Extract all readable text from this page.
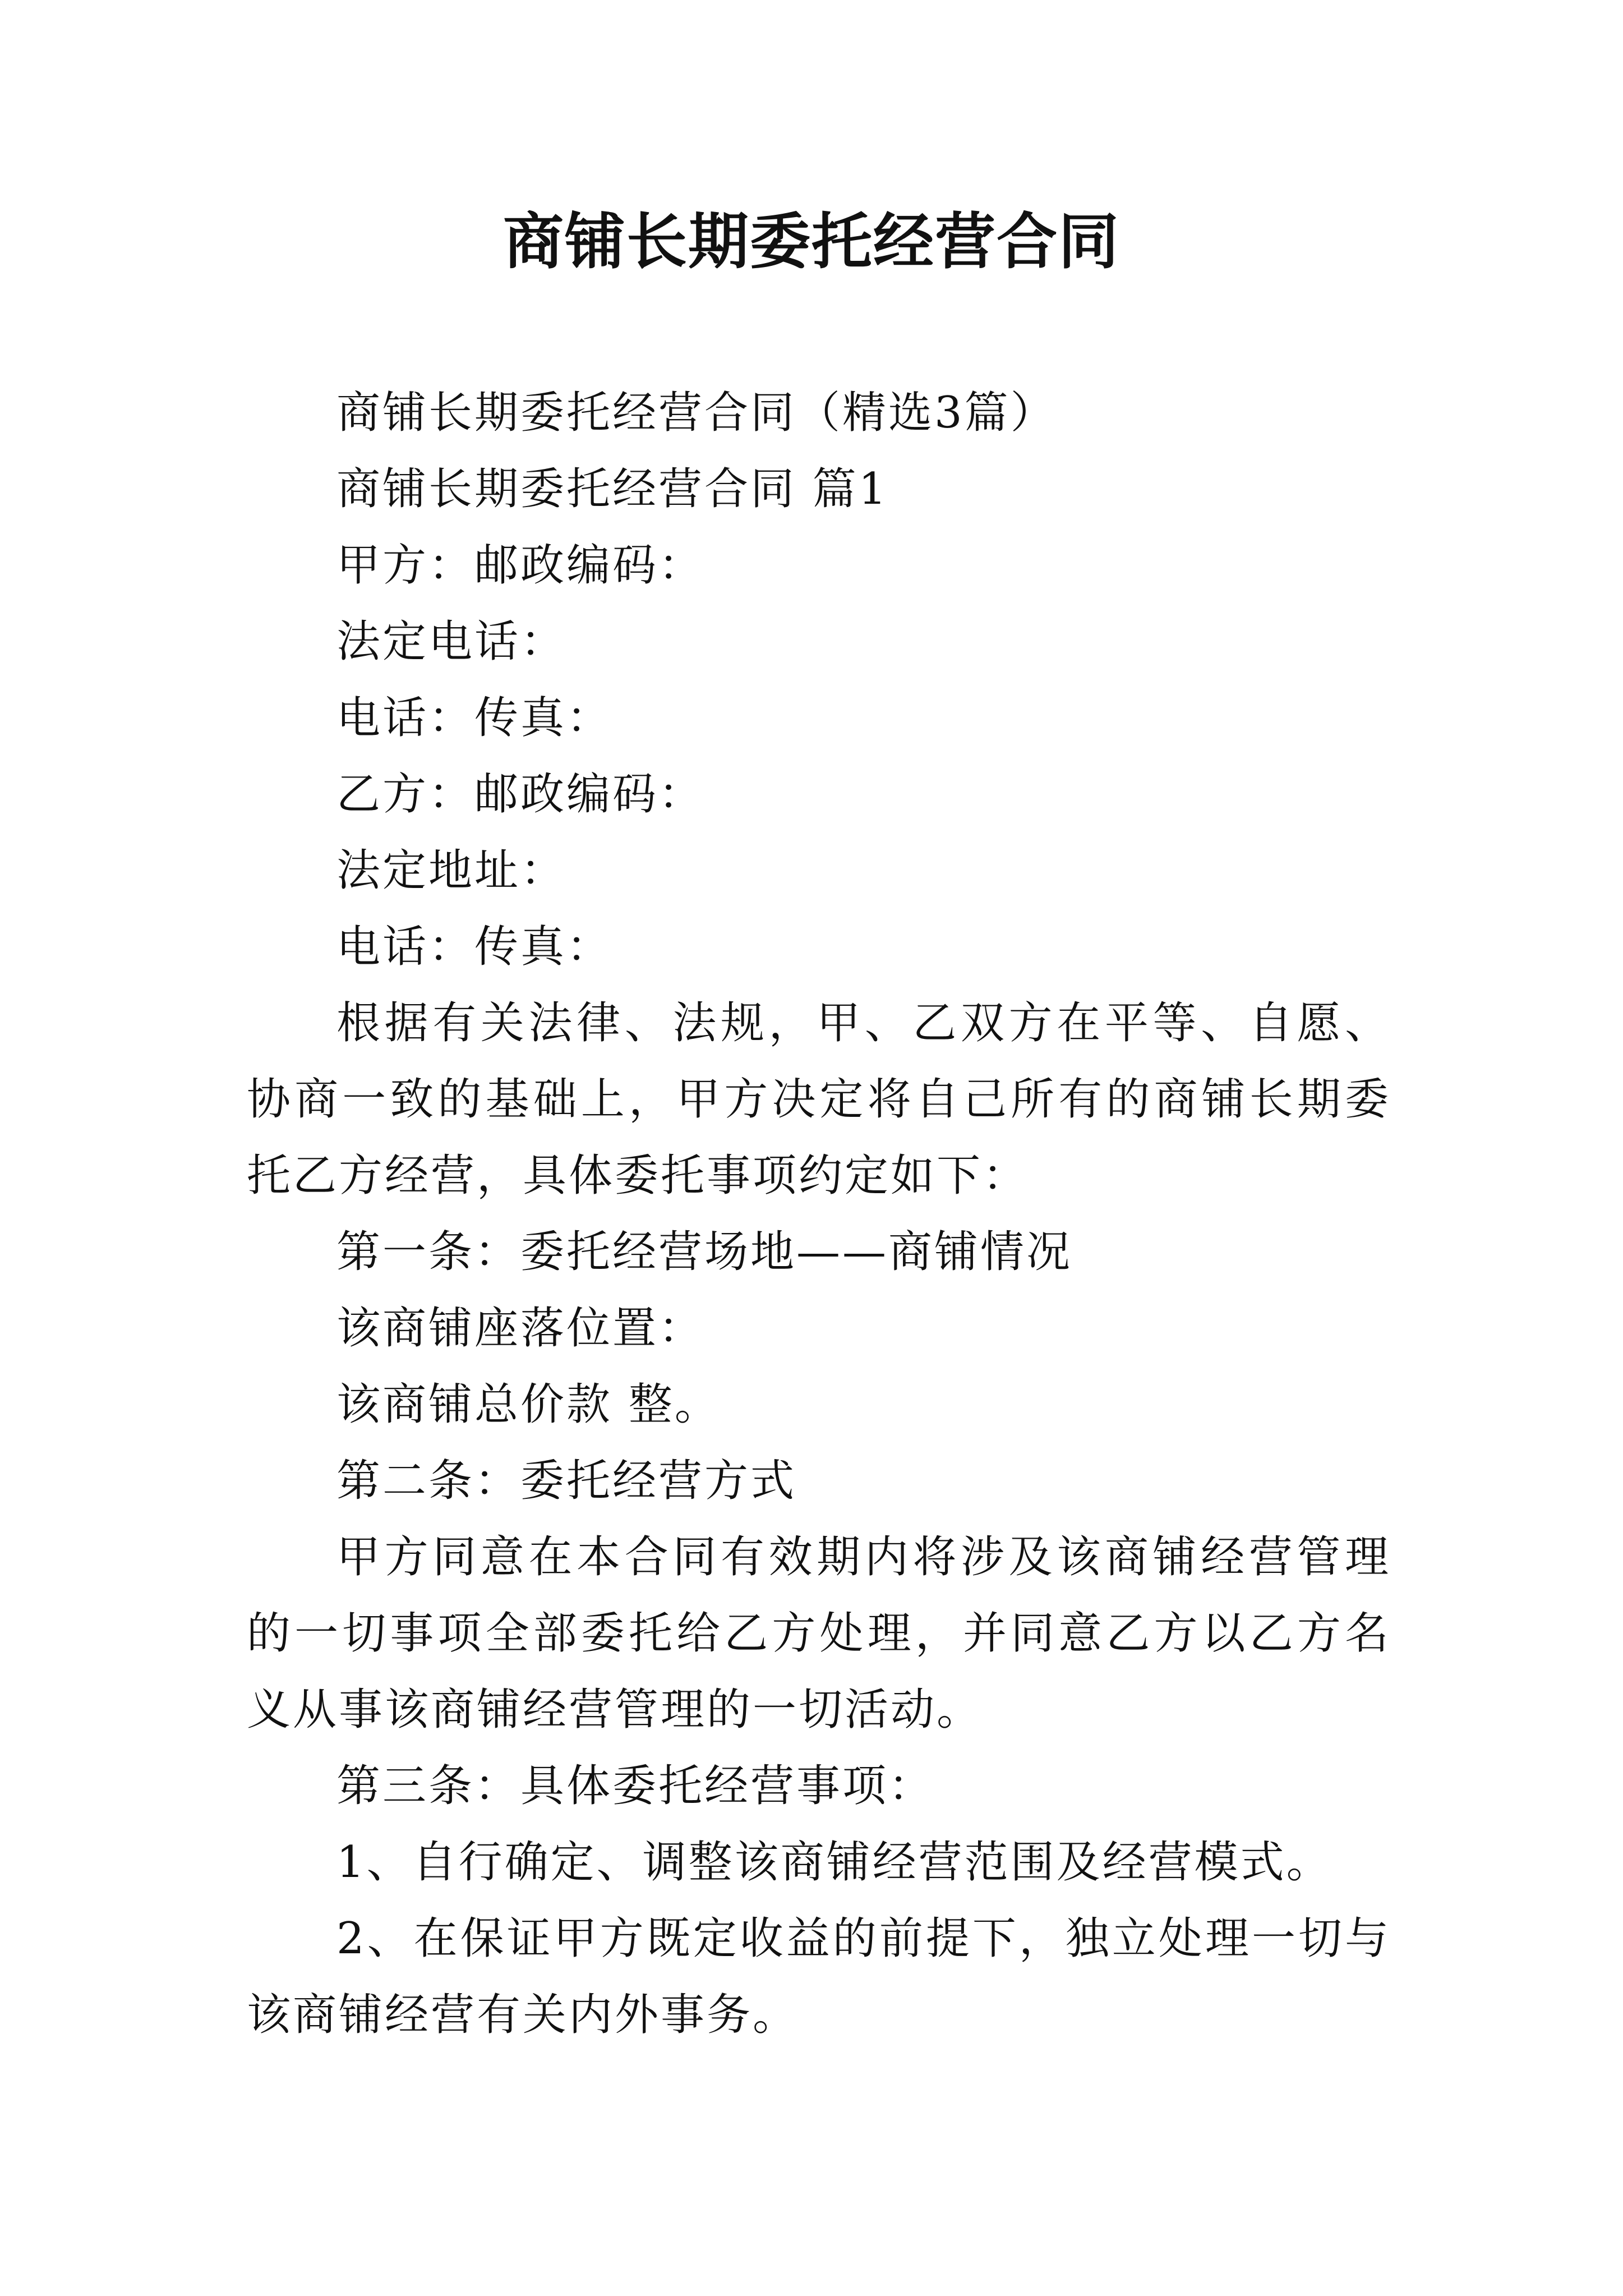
商铺长期委托经营合同

商铺长期委托经营合同（精选3篇）

商铺长期委托经营合同 篇1

甲方：邮政编码：

法定电话：

电话：传真：

乙方：邮政编码：

法定地址：

电话：传真：

根据有关法律、法规，甲、乙双方在平等、自愿、协商一致的基础上，甲方决定将自己所有的商铺长期委托乙方经营，具体委托事项约定如下：

第一条：委托经营场地——商铺情况

该商铺座落位置：

该商铺总价款 整。

第二条：委托经营方式

甲方同意在本合同有效期内将涉及该商铺经营管理的一切事项全部委托给乙方处理，并同意乙方以乙方名义从事该商铺经营管理的一切活动。

第三条：具体委托经营事项：

1、自行确定、调整该商铺经营范围及经营模式。

2、在保证甲方既定收益的前提下，独立处理一切与该商铺经营有关内外事务。
